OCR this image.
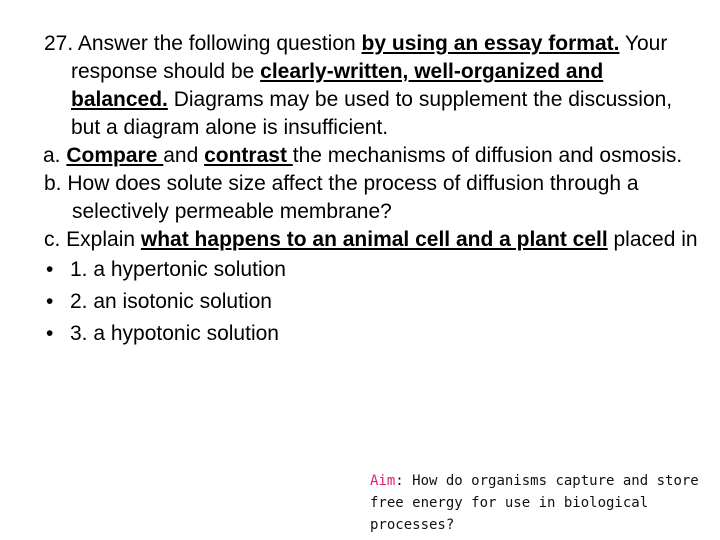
27. Answer the following question by using an essay format. Your response should be clearly-written, well-organized and balanced. Diagrams may be used to supplement the discussion, but a diagram alone is insufficient.

a. Compare and contrast the mechanisms of diffusion and osmosis.

b. How does solute size affect the process of diffusion through a selectively permeable membrane?

c. Explain what happens to an animal cell and a plant cell placed in

• 1. a hypertonic solution
• 2. an isotonic solution
• 3. a hypotonic solution
Aim: How do organisms capture and store free energy for use in biological processes?
